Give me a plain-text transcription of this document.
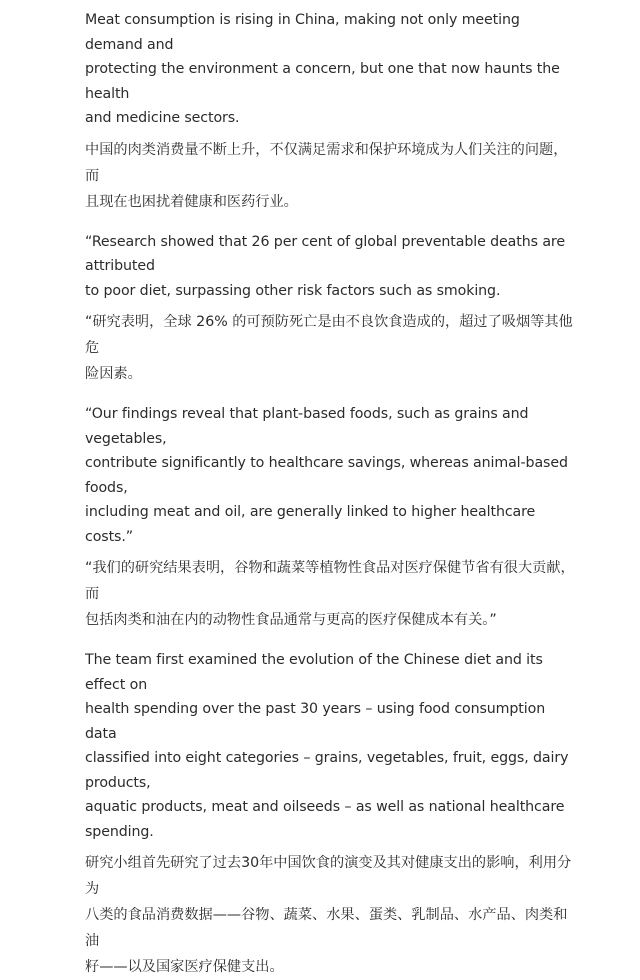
Meat consumption is rising in China, making not only meeting demand and
protecting the environment a concern, but one that now haunts the health
and medicine sectors.

中国的肉类消费量不断上升，不仅满足需求和保护环境成为人们关注的问题，而
且现在也困扰着健康和医药行业。

“Research showed that 26 per cent of global preventable deaths are attributed
to poor diet, surpassing other risk factors such as smoking.

“研究表明，全球 26% 的可预防死亡是由不良饮食造成的，超过了吸烟等其他危
险因素。

“Our findings reveal that plant-based foods, such as grains and vegetables,
contribute significantly to healthcare savings, whereas animal-based foods,
including meat and oil, are generally linked to higher healthcare costs.”

“我们的研究结果表明，谷物和蔬菜等植物性食品对医疗保健节省有很大贡献，而
包括肉类和油在内的动物性食品通常与更高的医疗保健成本有关。”

The team first examined the evolution of the Chinese diet and its effect on
health spending over the past 30 years – using food consumption data
classified into eight categories – grains, vegetables, fruit, eggs, dairy products,
aquatic products, meat and oilseeds – as well as national healthcare spending.

研究小组首先研究了过去30年中国饮食的演变及其对健康支出的影响，利用分为
八类的食品消费数据——谷物、蔬菜、水果、蛋类、乳制品、水产品、肉类和油
籽——以及国家医疗保健支出。
